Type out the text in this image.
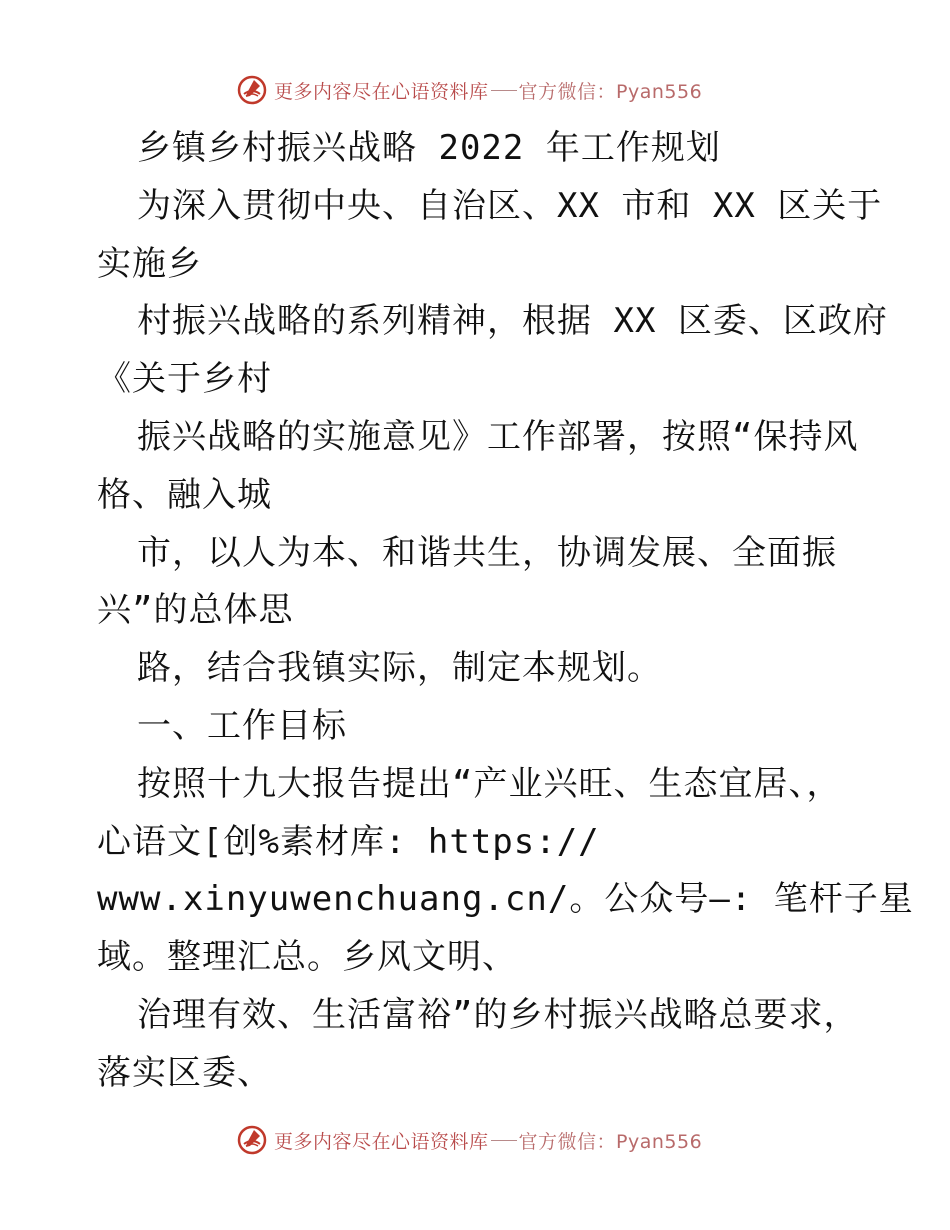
更多内容尽在心语资料库 官方微信：Pyan556
乡镇乡村振兴战略 2022 年工作规划
为深入贯彻中央、自治区、XX 市和 XX 区关于
实施乡
村振兴战略的系列精神，根据 XX 区委、区政府
《关于乡村
振兴战略的实施意见》工作部署，按照“保持风
格、融入城
市，以人为本、和谐共生，协调发展、全面振
兴”的总体思
路，结合我镇实际，制定本规划。
一、工作目标
按照十九大报告提出“产业兴旺、生态宜居、，
心语文[创%素材库: https://
www.xinyuwenchuang.cn/。公众号—: 笔杆子星
域。整理汇总。乡风文明、
治理有效、生活富裕”的乡村振兴战略总要求，
落实区委、
更多内容尽在心语资料库 官方微信：Pyan556
